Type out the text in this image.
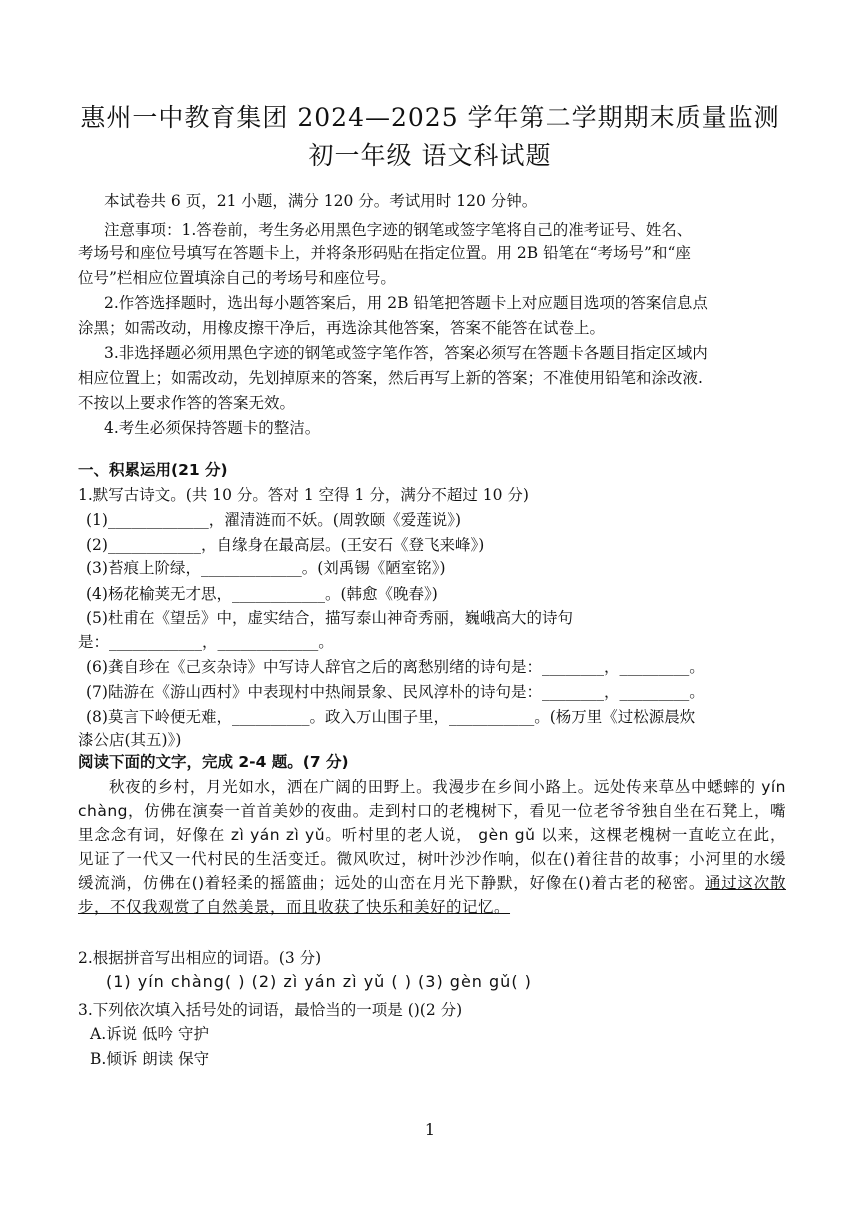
惠州一中教育集团 2024—2025 学年第二学期期末质量监测
初一年级 语文科试题
本试卷共 6 页，21 小题，满分 120 分。考试用时 120 分钟。
注意事项：1.答卷前，考生务必用黑色字迹的钢笔或签字笔将自己的准考证号、姓名、
考场号和座位号填写在答题卡上，并将条形码贴在指定位置。用 2B 铅笔在“考场号”和“座
位号”栏相应位置填涂自己的考场号和座位号。
2.作答选择题时，选出每小题答案后，用 2B 铅笔把答题卡上对应题目选项的答案信息点
涂黑；如需改动，用橡皮擦干净后，再选涂其他答案，答案不能答在试卷上。
3.非选择题必须用黑色字迹的钢笔或签字笔作答，答案必须写在答题卡各题目指定区域内
相应位置上；如需改动，先划掉原来的答案，然后再写上新的答案；不准使用铅笔和涂改液.
不按以上要求作答的答案无效。
4.考生必须保持答题卡的整洁。
一、积累运用(21 分)
1.默写古诗文。(共 10 分。答对 1 空得 1 分，满分不超过 10 分)
(1)_____________，濯清涟而不妖。(周敦颐《爱莲说》)
(2)____________，自缘身在最高层。(王安石《登飞来峰》)
(3)苔痕上阶绿，_____________。(刘禹锡《陋室铭》)
(4)杨花榆荚无才思，____________。(韩愈《晚春》)
(5)杜甫在《望岳》中，虚实结合，描写泰山神奇秀丽，巍峨高大的诗句
是：____________，_____________。
(6)龚自珍在《己亥杂诗》中写诗人辞官之后的离愁别绪的诗句是：________，_________。
(7)陆游在《游山西村》中表现村中热闹景象、民风淳朴的诗句是：________，_________。
(8)莫言下岭便无难，__________。政入万山围子里，___________。(杨万里《过松源晨炊
漆公店(其五)》)
阅读下面的文字，完成 2-4 题。(7 分)
秋夜的乡村，月光如水，洒在广阔的田野上。我漫步在乡间小路上。远处传来草丛中蟋蟀的 yín chàng，仿佛在演奏一首首美妙的夜曲。走到村口的老槐树下，看见一位老爷爷独自坐在石凳上，嘴里念念有词，好像在 zì yán zì yǔ。听村里的老人说， gèn gǔ 以来，这棵老槐树一直屹立在此，见证了一代又一代村民的生活变迁。微风吹过，树叶沙沙作响，似在()着往昔的故事；小河里的水缓缓流淌，仿佛在()着轻柔的摇篮曲；远处的山峦在月光下静默，好像在()着古老的秘密。通过这次散步，不仅我观赏了自然美景，而且收获了快乐和美好的记忆。
2.根据拼音写出相应的词语。(3 分)
(1) yín chàng( ) (2) zì yán zì yǔ ( ) (3) gèn gǔ( )
3.下列依次填入括号处的词语，最恰当的一项是 ()(2 分)
A.诉说 低吟 守护
B.倾诉 朗读 保守
1
